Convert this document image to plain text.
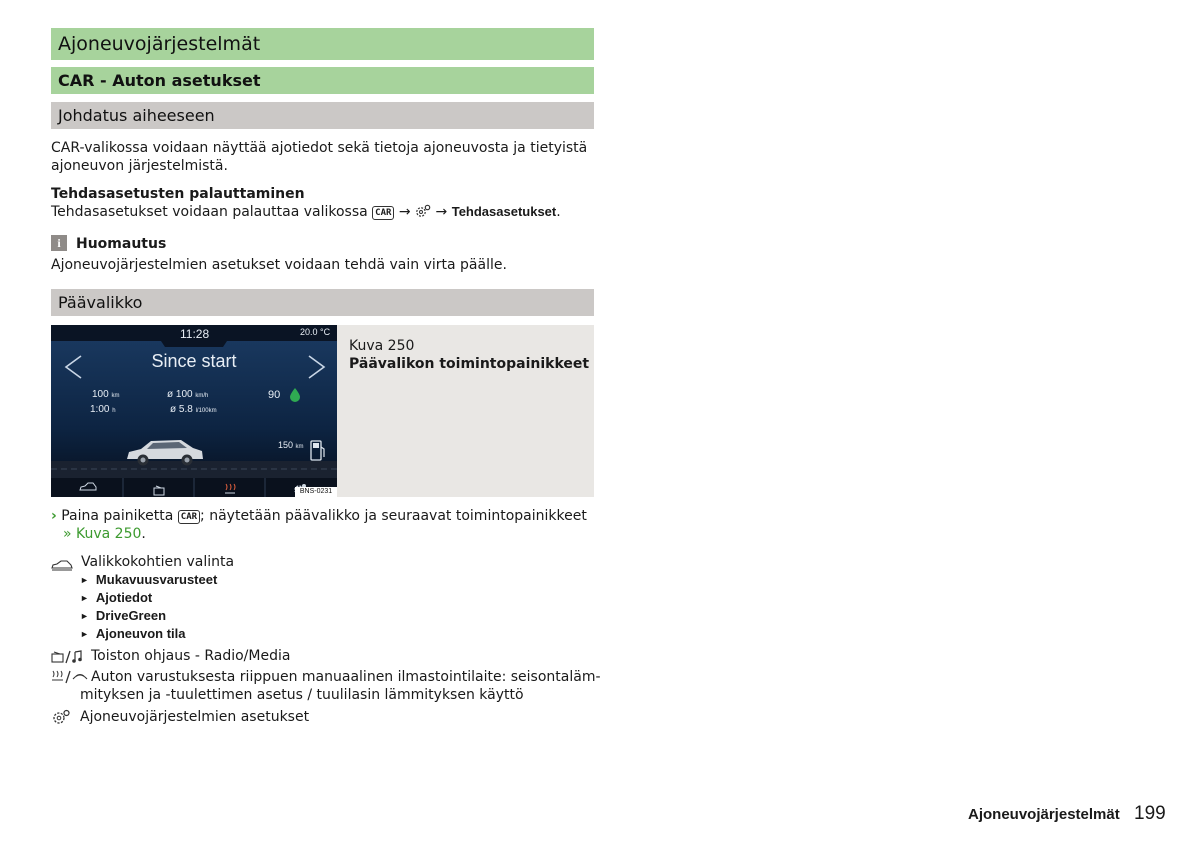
Ajoneuvojärjestelmät
CAR - Auton asetukset
Johdatus aiheeseen
CAR-valikossa voidaan näyttää ajotiedot sekä tietoja ajoneuvosta ja tietyistä ajoneuvon järjestelmistä.
Tehdasasetusten palauttaminen
Tehdasasetukset voidaan palauttaa valikossa CAR → → Tehdasasetukset.
i	Huomautus
Ajoneuvojärjestelmien asetukset voidaan tehdä vain virta päälle.
Päävalikko
11:28	20.0 °C
Since start
100 km
1:00 h
ø 100 km/h
ø 5.8 l/100km
90
150 km
BNS-0231
Kuva 250
Päävalikon toimintopainikkeet
› Paina painiketta CAR ; näytetään päävalikko ja seuraavat toimintopainikkeet
» Kuva 250.
Valikkokohtien valinta
► Mukavuusvarusteet
► Ajotiedot
► DriveGreen
► Ajoneuvon tila
Toiston ohjaus - Radio/Media
Auton varustuksesta riippuen manuaalinen ilmastointilaite: seisontaläm-
mityksen ja -tuulettimen asetus / tuulilasin lämmityksen käyttö
Ajoneuvojärjestelmien asetukset
Ajoneuvojärjestelmät 199
